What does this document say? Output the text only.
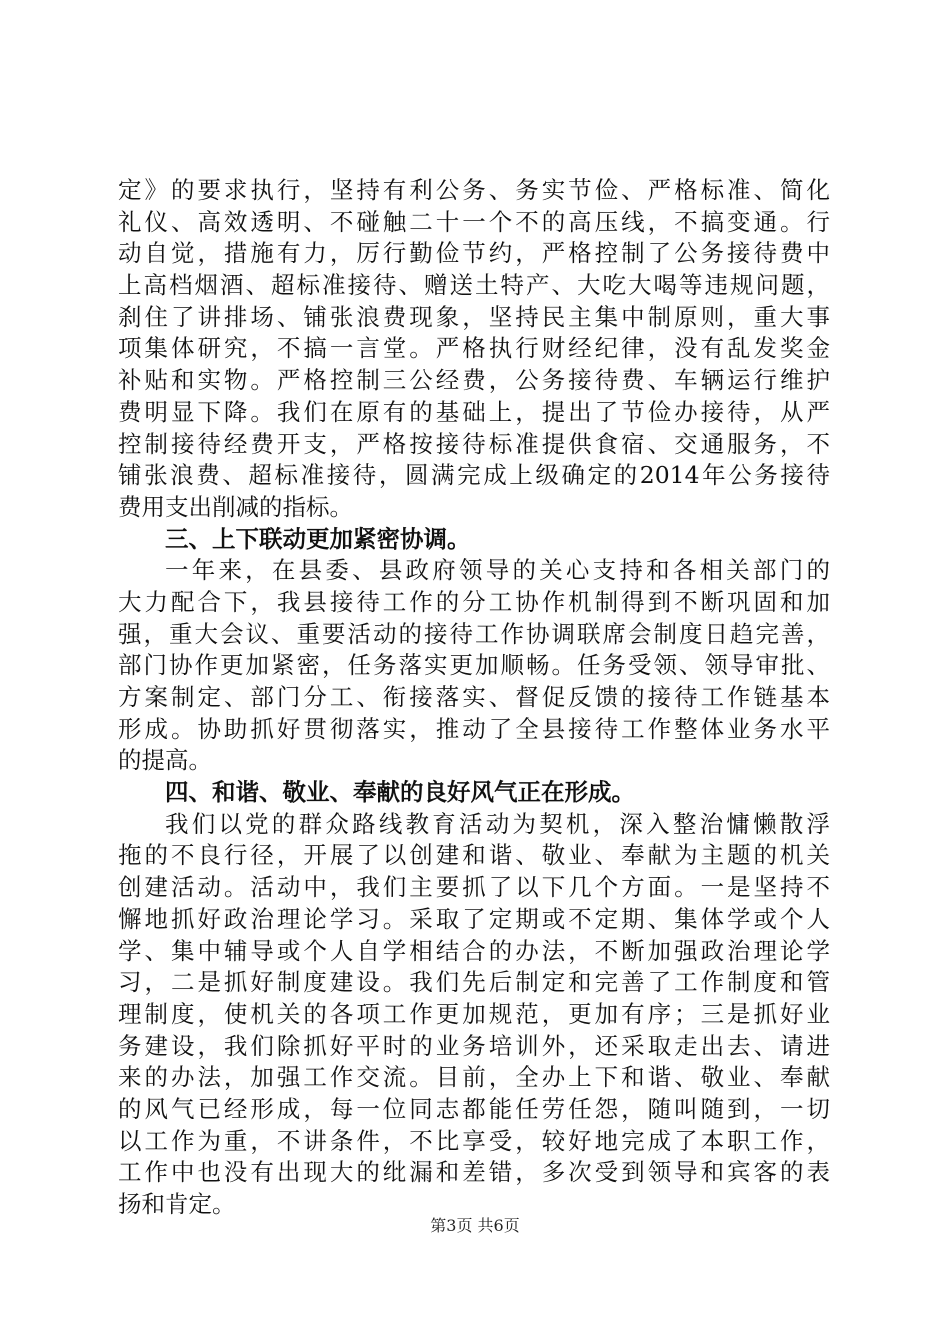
定》的要求执行，坚持有利公务、务实节俭、严格标准、简化
礼仪、高效透明、不碰触二十一个不的高压线，不搞变通。行
动自觉，措施有力，厉行勤俭节约，严格控制了公务接待费中
上高档烟酒、超标准接待、赠送土特产、大吃大喝等违规问题，
刹住了讲排场、铺张浪费现象，坚持民主集中制原则，重大事
项集体研究，不搞一言堂。严格执行财经纪律，没有乱发奖金
补贴和实物。严格控制三公经费，公务接待费、车辆运行维护
费明显下降。我们在原有的基础上，提出了节俭办接待，从严
控制接待经费开支，严格按接待标准提供食宿、交通服务，不
铺张浪费、超标准接待，圆满完成上级确定的2014年公务接待
费用支出削减的指标。
三、上下联动更加紧密协调。
一年来，在县委、县政府领导的关心支持和各相关部门的
大力配合下，我县接待工作的分工协作机制得到不断巩固和加
强，重大会议、重要活动的接待工作协调联席会制度日趋完善，
部门协作更加紧密，任务落实更加顺畅。任务受领、领导审批、
方案制定、部门分工、衔接落实、督促反馈的接待工作链基本
形成。协助抓好贯彻落实，推动了全县接待工作整体业务水平
的提高。
四、和谐、敬业、奉献的良好风气正在形成。
我们以党的群众路线教育活动为契机，深入整治慵懒散浮
拖的不良行径，开展了以创建和谐、敬业、奉献为主题的机关
创建活动。活动中，我们主要抓了以下几个方面。一是坚持不
懈地抓好政治理论学习。采取了定期或不定期、集体学或个人
学、集中辅导或个人自学相结合的办法，不断加强政治理论学
习，二是抓好制度建设。我们先后制定和完善了工作制度和管
理制度，使机关的各项工作更加规范，更加有序；三是抓好业
务建设，我们除抓好平时的业务培训外，还采取走出去、请进
来的办法，加强工作交流。目前，全办上下和谐、敬业、奉献
的风气已经形成，每一位同志都能任劳任怨，随叫随到，一切
以工作为重，不讲条件，不比享受，较好地完成了本职工作，
工作中也没有出现大的纰漏和差错，多次受到领导和宾客的表
扬和肯定。
第3页 共6页
